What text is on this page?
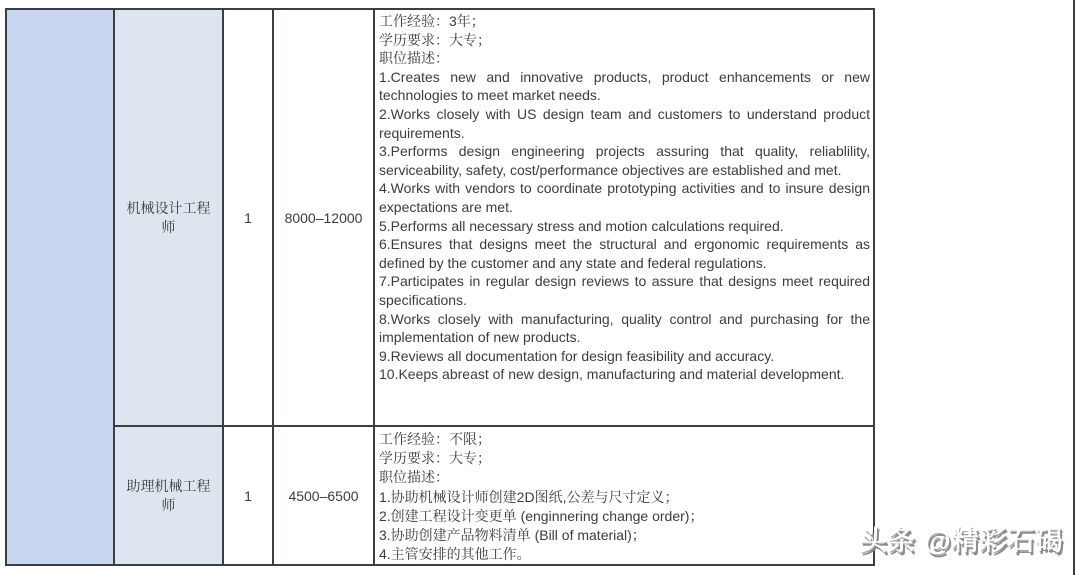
机械设计工程师
1 8000–12000

工作经验：3年；

学历要求：大专；

职位描述：

1.Creates new and innovative products, product enhancements or new technologies to meet market needs.

2.Works closely with US design team and customers to understand product requirements.

3.Performs design engineering projects assuring that quality, reliablility, serviceability, safety, cost/performance objectives are established and met.

4.Works with vendors to coordinate prototyping activities and to insure design expectations are met.

5.Performs all necessary stress and motion calculations required.

6.Ensures that designs meet the structural and ergonomic requirements as defined by the customer and any state and federal regulations.

7.Participates in regular design reviews to assure that designs meet required specifications.

8.Works closely with manufacturing, quality control and purchasing for the implementation of new products.

9.Reviews all documentation for design feasibility and accuracy.

10.Keeps abreast of new design, manufacturing and material development.

助理机械工程师
1	4500–6500

工作经验：不限；

学历要求：大专；

职位描述：

1.协助机械设计师创建2D图纸,公差与尺寸定义；

2.创建工程设计变更单 (enginnering change order)；

3.协助创建产品物料清单 (Bill of material)；

4.主管安排的其他工作。	头条 @精彩石碣
